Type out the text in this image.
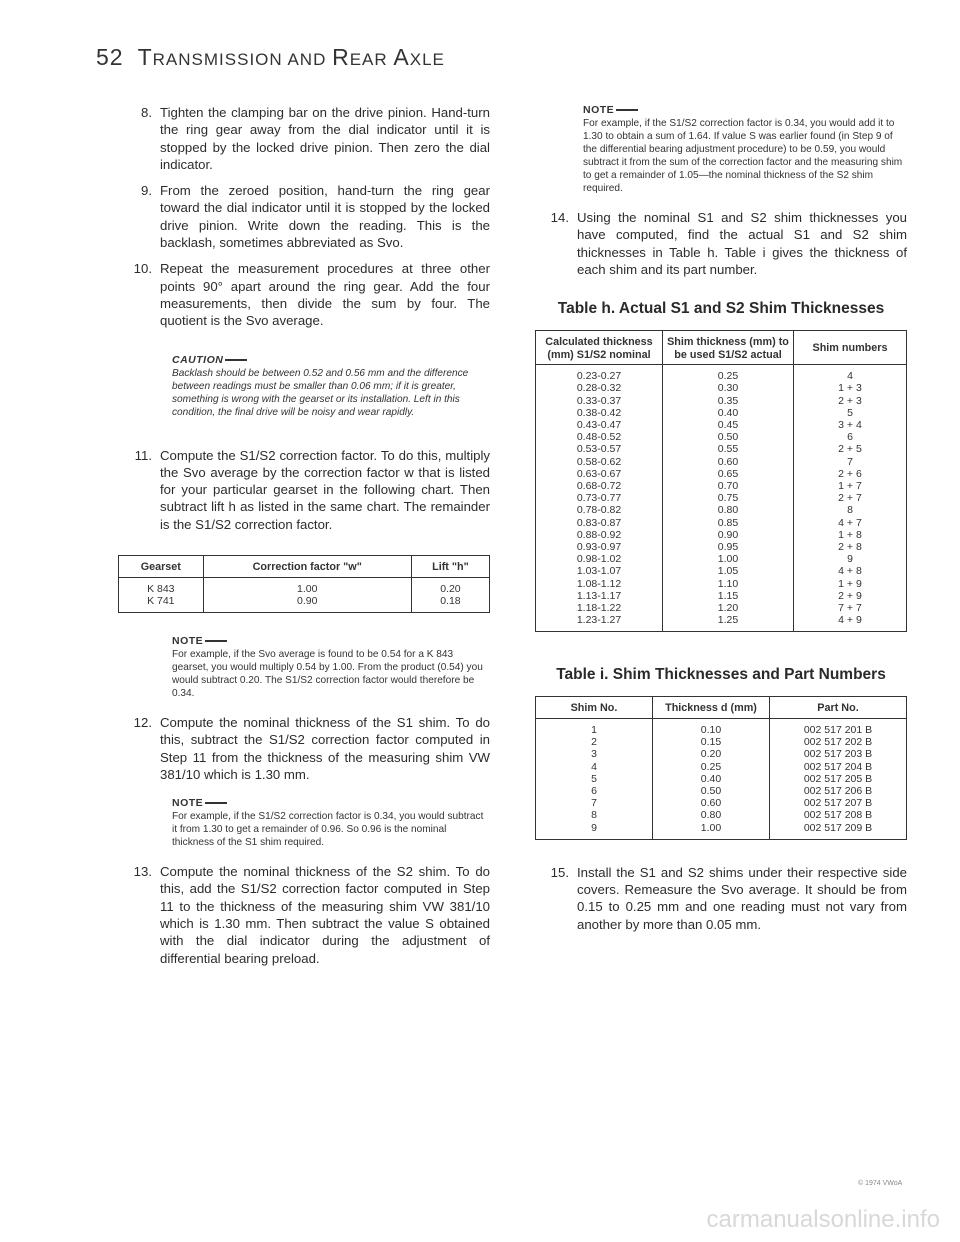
52 TRANSMISSION AND REAR AXLE
8. Tighten the clamping bar on the drive pinion. Hand-turn the ring gear away from the dial indicator until it is stopped by the locked drive pinion. Then zero the dial indicator.
9. From the zeroed position, hand-turn the ring gear toward the dial indicator until it is stopped by the locked drive pinion. Write down the reading. This is the backlash, sometimes abbreviated as Svo.
10. Repeat the measurement procedures at three other points 90° apart around the ring gear. Add the four measurements, then divide the sum by four. The quotient is the Svo average.
CAUTION
Backlash should be between 0.52 and 0.56 mm and the difference between readings must be smaller than 0.06 mm; if it is greater, something is wrong with the gearset or its installation. Left in this condition, the final drive will be noisy and wear rapidly.
11. Compute the S1/S2 correction factor. To do this, multiply the Svo average by the correction factor w that is listed for your particular gearset in the following chart. Then subtract lift h as listed in the same chart. The remainder is the S1/S2 correction factor.
Gearset	Correction factor "w"	Lift "h"
K 843	1.00	0.20
K 741	0.90	0.18
NOTE
For example, if the Svo average is found to be 0.54 for a K 843 gearset, you would multiply 0.54 by 1.00. From the product (0.54) you would subtract 0.20. The S1/S2 correction factor would therefore be 0.34.
12. Compute the nominal thickness of the S1 shim. To do this, subtract the S1/S2 correction factor computed in Step 11 from the thickness of the measuring shim VW 381/10 which is 1.30 mm.
NOTE
For example, if the S1/S2 correction factor is 0.34, you would subtract it from 1.30 to get a remainder of 0.96. So 0.96 is the nominal thickness of the S1 shim required.
13. Compute the nominal thickness of the S2 shim. To do this, add the S1/S2 correction factor computed in Step 11 to the thickness of the measuring shim VW 381/10 which is 1.30 mm. Then subtract the value S obtained with the dial indicator during the adjustment of differential bearing preload.
NOTE
For example, if the S1/S2 correction factor is 0.34, you would add it to 1.30 to obtain a sum of 1.64. If value S was earlier found (in Step 9 of the differential bearing adjustment procedure) to be 0.59, you would subtract it from the sum of the correction factor and the measuring shim to get a remainder of 1.05—the nominal thickness of the S2 shim required.
14. Using the nominal S1 and S2 shim thicknesses you have computed, find the actual S1 and S2 shim thicknesses in Table h. Table i gives the thickness of each shim and its part number.
Table h. Actual S1 and S2 Shim Thicknesses
Calculated thickness (mm) S1/S2 nominal	Shim thickness (mm) to be used S1/S2 actual	Shim numbers
0.23-0.27	0.25	4
0.28-0.32	0.30	1 + 3
0.33-0.37	0.35	2 + 3
0.38-0.42	0.40	5
0.43-0.47	0.45	3 + 4
0.48-0.52	0.50	6
0.53-0.57	0.55	2 + 5
0.58-0.62	0.60	7
0.63-0.67	0.65	2 + 6
0.68-0.72	0.70	1 + 7
0.73-0.77	0.75	2 + 7
0.78-0.82	0.80	8
0.83-0.87	0.85	4 + 7
0.88-0.92	0.90	1 + 8
0.93-0.97	0.95	2 + 8
0.98-1.02	1.00	9
1.03-1.07	1.05	4 + 8
1.08-1.12	1.10	1 + 9
1.13-1.17	1.15	2 + 9
1.18-1.22	1.20	7 + 7
1.23-1.27	1.25	4 + 9
Table i. Shim Thicknesses and Part Numbers
Shim No.	Thickness d (mm)	Part No.
1	0.10	002 517 201 B
2	0.15	002 517 202 B
3	0.20	002 517 203 B
4	0.25	002 517 204 B
5	0.40	002 517 205 B
6	0.50	002 517 206 B
7	0.60	002 517 207 B
8	0.80	002 517 208 B
9	1.00	002 517 209 B
15. Install the S1 and S2 shims under their respective side covers. Remeasure the Svo average. It should be from 0.15 to 0.25 mm and one reading must not vary from another by more than 0.05 mm.
© 1974 VWoA
carmanualsonline.info
